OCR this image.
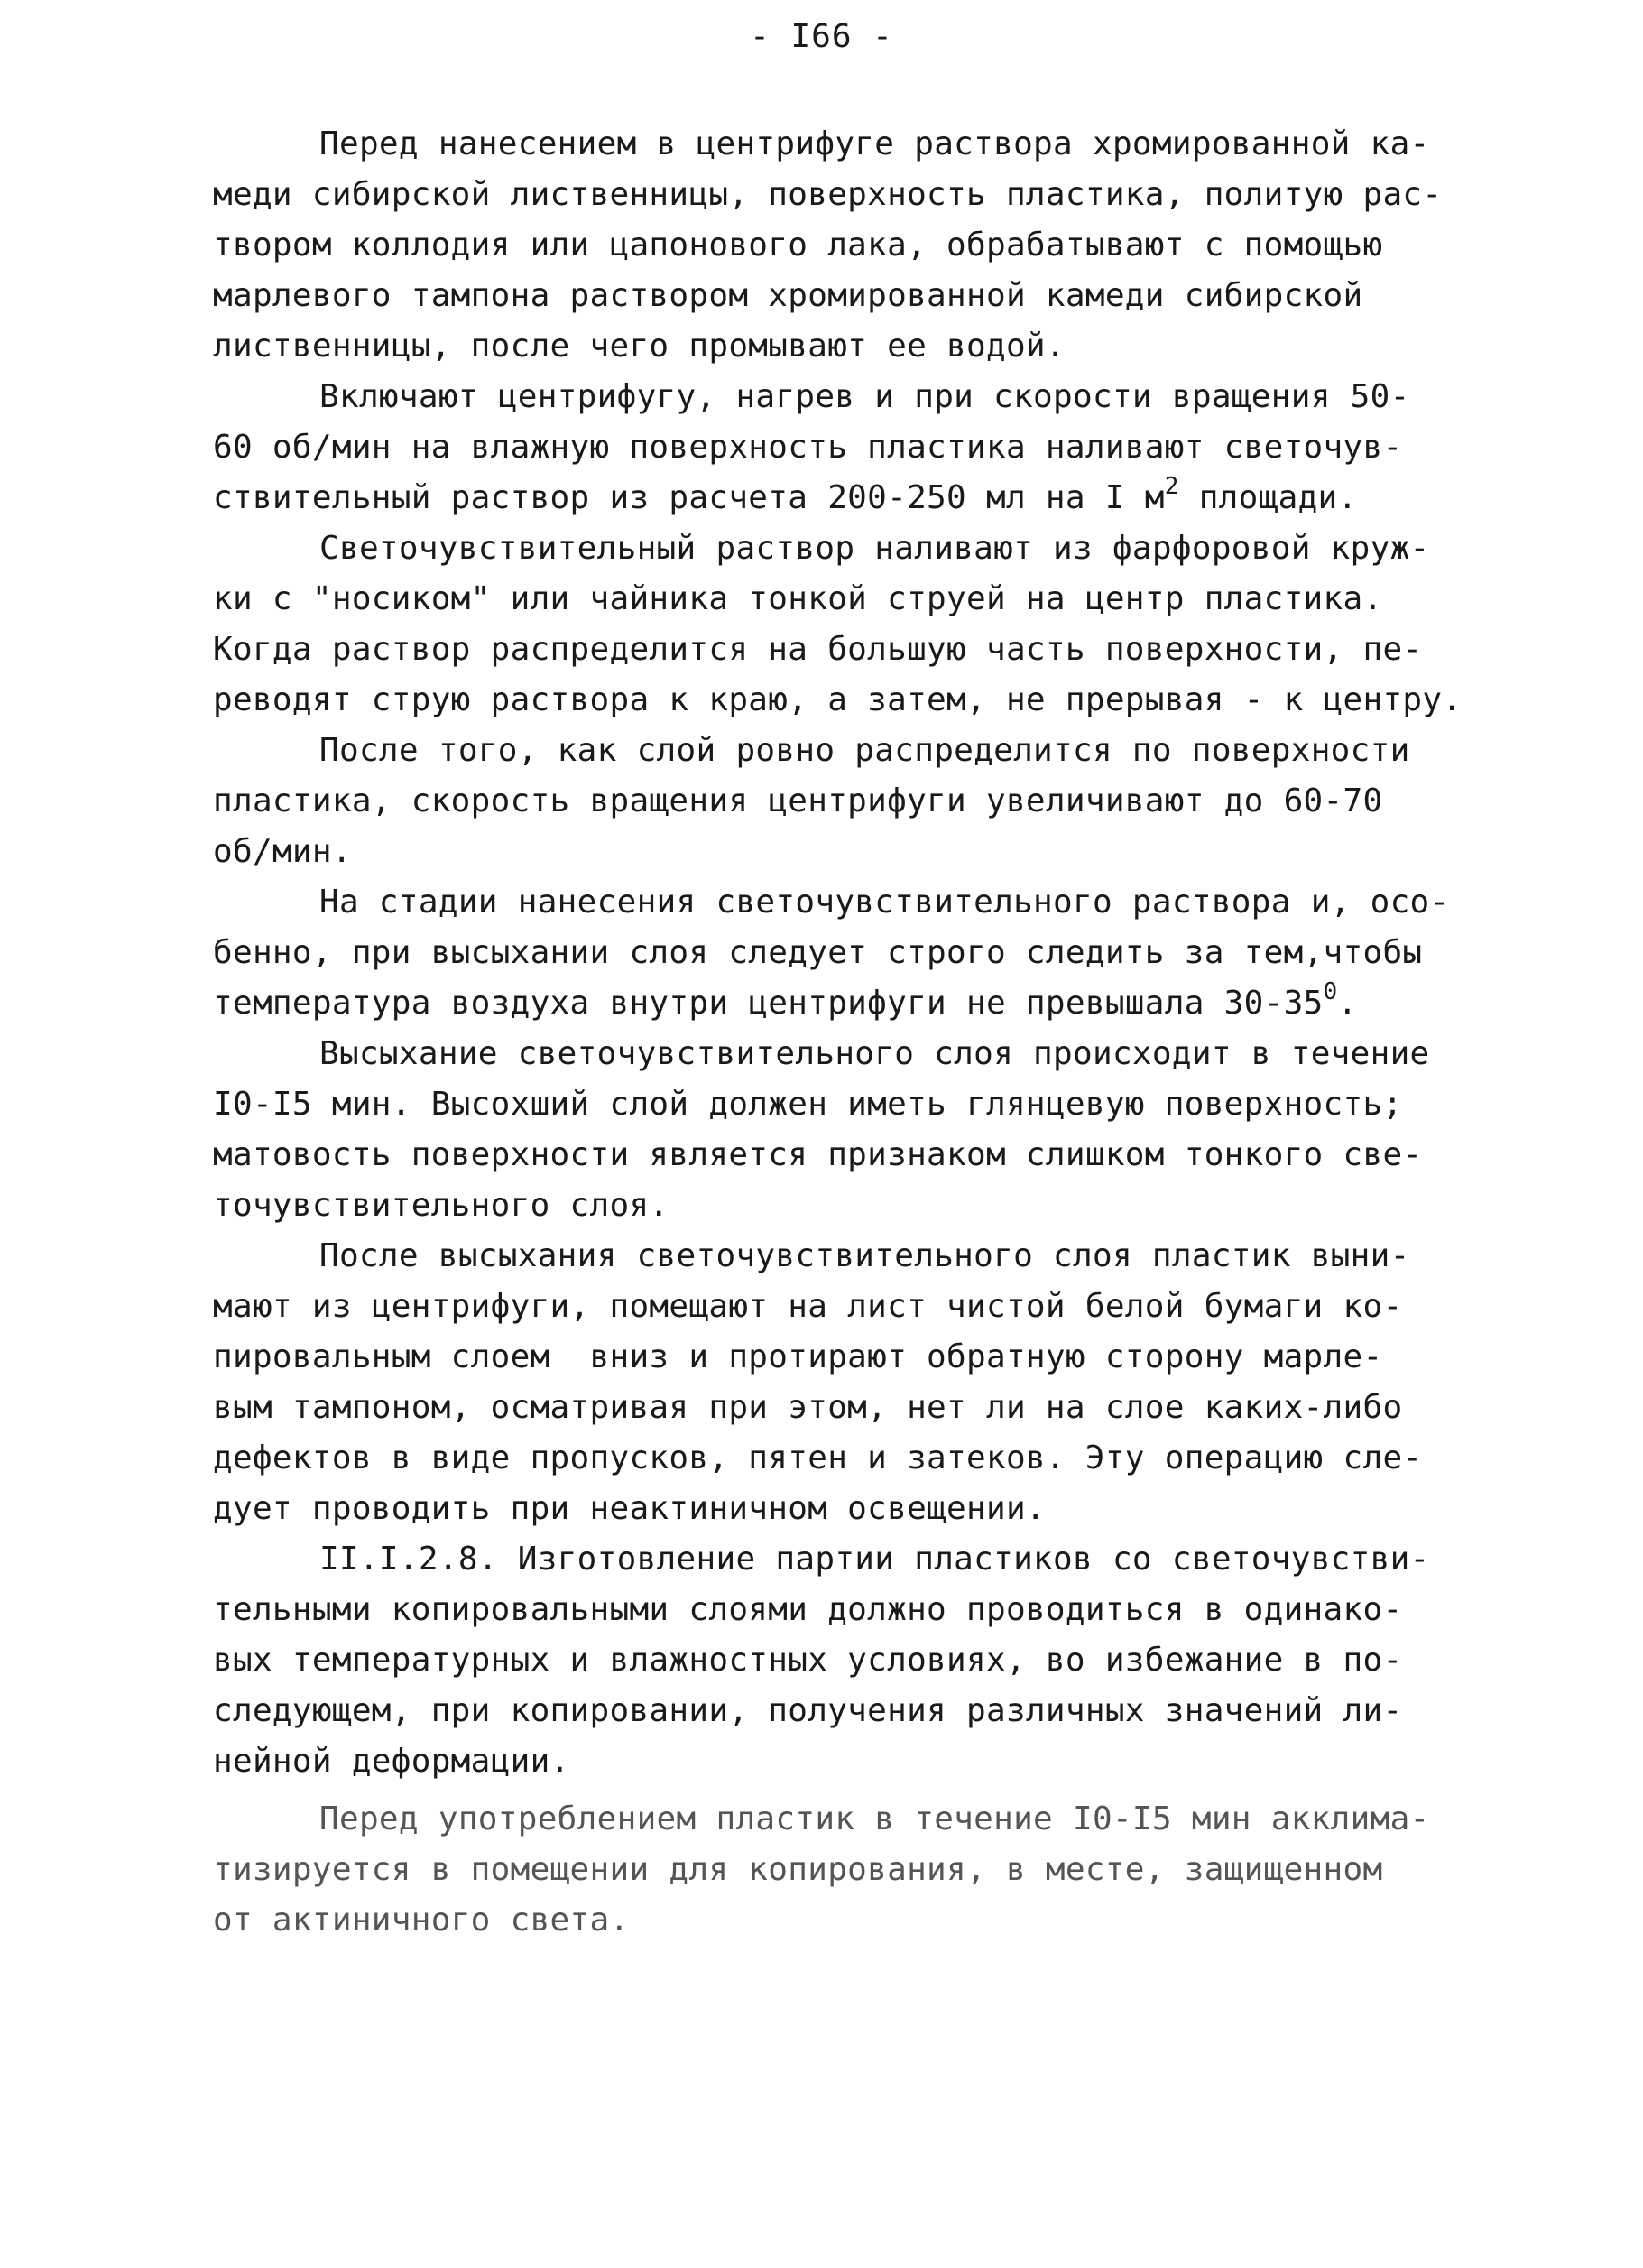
- I66 -
Перед нанесением в центрифуге раствора хромированной ка-
меди сибирской лиственницы, поверхность пластика, политую рас-
твором коллодия или цапонового лака, обрабатывают с помощью
марлевого тампона раствором хромированной камеди сибирской
лиственницы, после чего промывают ее водой.
Включают центрифугу, нагрев и при скорости вращения 50-
60 об/мин на влажную поверхность пластика наливают светочув-
ствительный раствор из расчета 200-250 мл на I $м^2$ площади.
Светочувствительный раствор наливают из фарфоровой круж-
ки с "носиком" или чайника тонкой струей на центр пластика.
Когда раствор распределится на большую часть поверхности, пе-
реводят струю раствора к краю, а затем, не прерывая - к центру.
После того, как слой ровно распределится по поверхности
пластика, скорость вращения центрифуги увеличивают до 60-70
об/мин.
На стадии нанесения светочувствительного раствора и, осо-
бенно, при высыхании слоя следует строго следить за тем,чтобы
температура воздуха внутри центрифуги не превышала $30-35^0$.
Высыхание светочувствительного слоя происходит в течение
I0-I5 мин. Высохший слой должен иметь глянцевую поверхность;
матовость поверхности является признаком слишком тонкого све-
точувствительного слоя.
После высыхания светочувствительного слоя пластик выни-
мают из центрифуги, помещают на лист чистой белой бумаги ко-
пировальным слоем  вниз и протирают обратную сторону марле-
вым тампоном, осматривая при этом, нет ли на слое каких-либо
дефектов в виде пропусков, пятен и затеков. Эту операцию сле-
дует проводить при неактиничном освещении.
II.I.2.8. Изготовление партии пластиков со светочувстви-
тельными копировальными слоями должно проводиться в одинако-
вых температурных и влажностных условиях, во избежание в по-
следующем, при копировании, получения различных значений ли-
нейной деформации.
Перед употреблением пластик в течение I0-I5 мин акклима-
тизируется в помещении для копирования, в месте, защищенном
от актиничного света.
